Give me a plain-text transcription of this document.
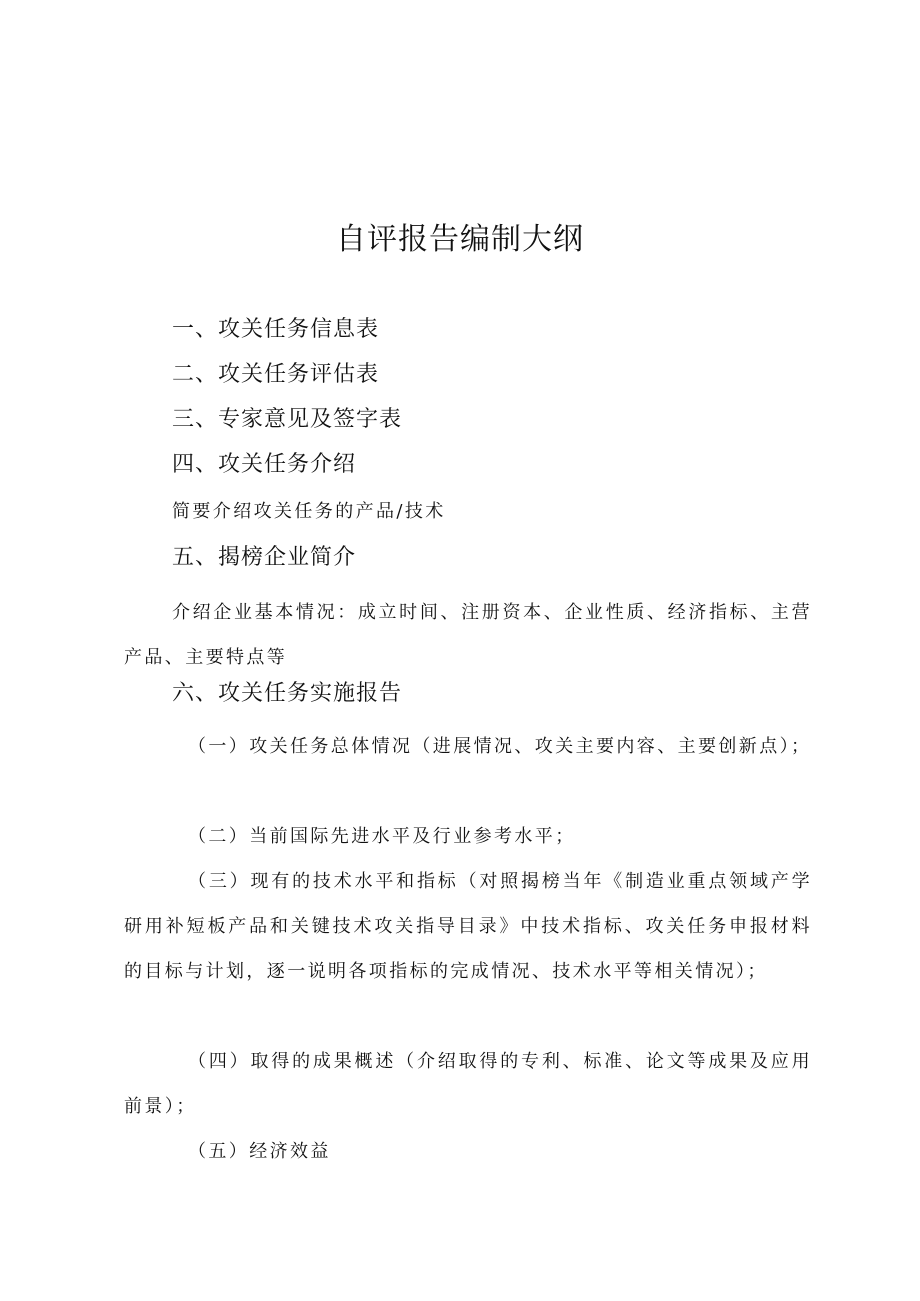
自评报告编制大纲
一、攻关任务信息表
二、攻关任务评估表
三、专家意见及签字表
四、攻关任务介绍
简要介绍攻关任务的产品/技术
五、揭榜企业简介
介绍企业基本情况：成立时间、注册资本、企业性质、经济指标、主营产品、主要特点等
六、攻关任务实施报告
（一）攻关任务总体情况（进展情况、攻关主要内容、主要创新点）；
（二）当前国际先进水平及行业参考水平；
（三）现有的技术水平和指标（对照揭榜当年《制造业重点领域产学研用补短板产品和关键技术攻关指导目录》中技术指标、攻关任务申报材料的目标与计划，逐一说明各项指标的完成情况、技术水平等相关情况）；
（四）取得的成果概述（介绍取得的专利、标准、论文等成果及应用前景）；
（五）经济效益
